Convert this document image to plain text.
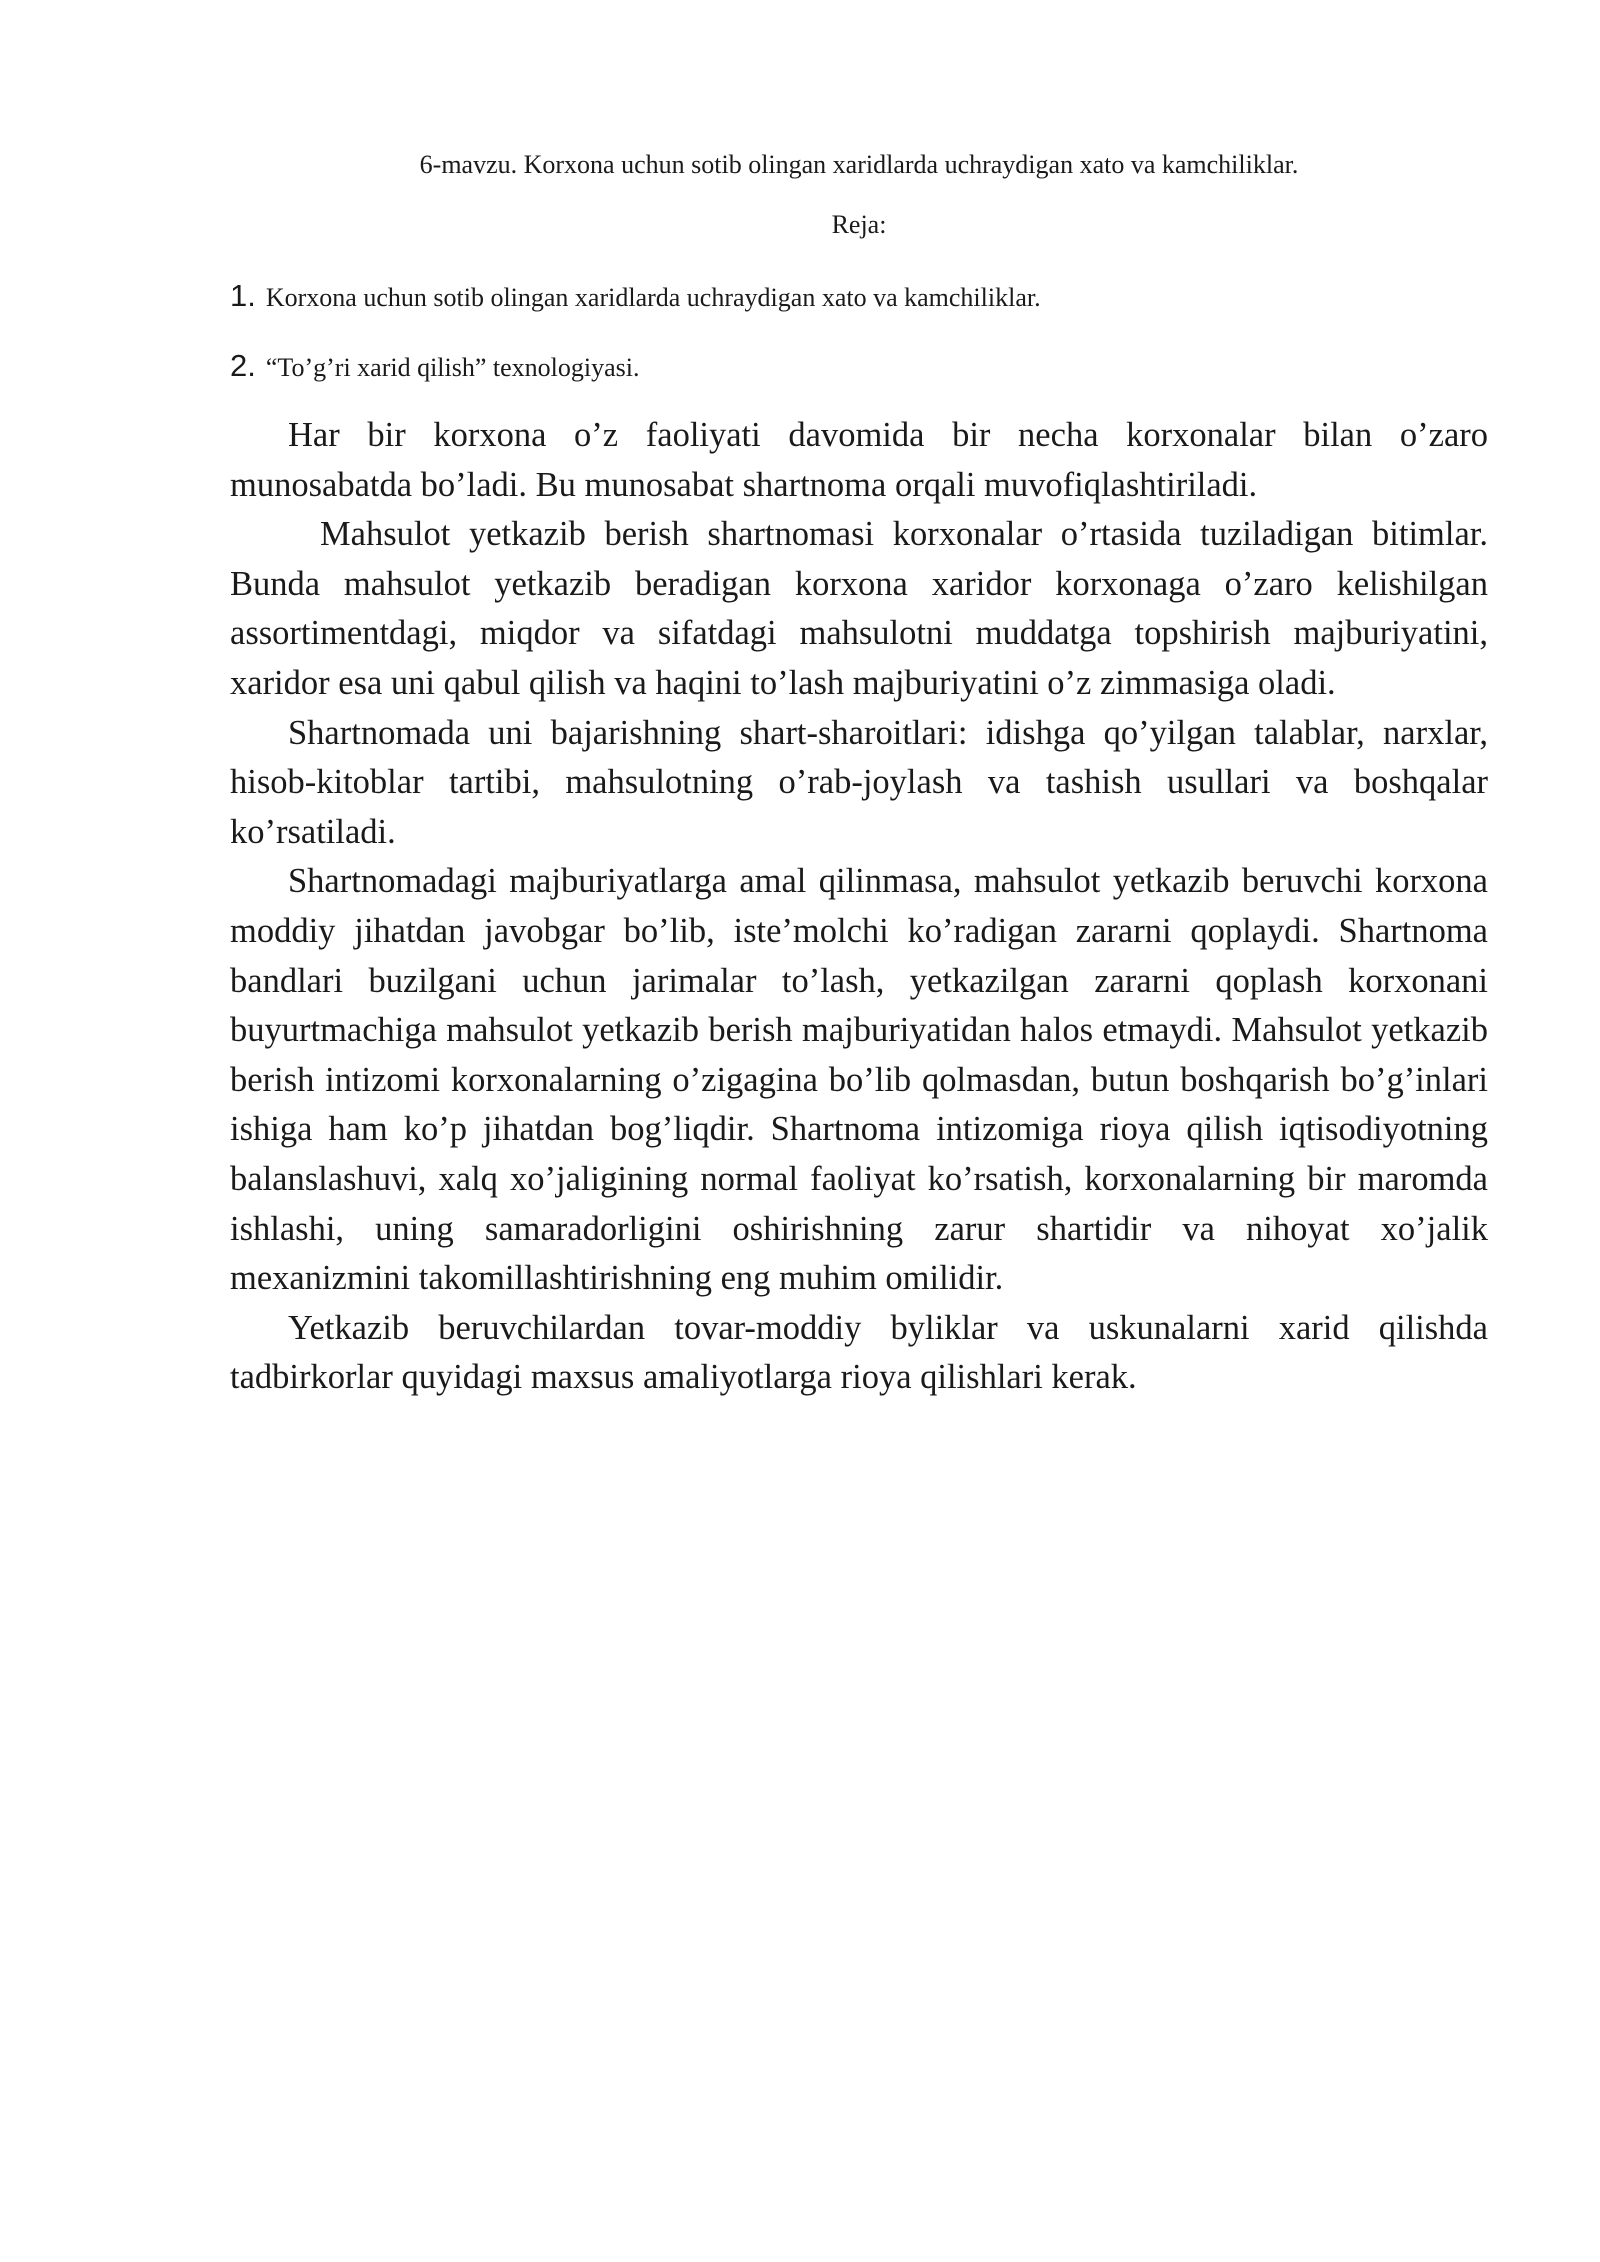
6-mavzu. Korxona uchun sotib olingan xaridlarda uchraydigan xato va kamchiliklar.
Reja:
1. Korxona uchun sotib olingan xaridlarda uchraydigan xato va kamchiliklar.
2. “To’g’ri xarid qilish” texnologiyasi.

Har bir korxona o’z faoliyati davomida bir necha korxonalar bilan o’zaro munosabatda bo’ladi. Bu munosabat shartnoma orqali muvofiqlashtiriladi.

Mahsulot yetkazib berish shartnomasi korxonalar o’rtasida tuziladigan bitimlar. Bunda mahsulot yetkazib beradigan korxona xaridor korxonaga o’zaro kelishilgan assortimentdagi, miqdor va sifatdagi mahsulotni muddatga topshirish majburiyatini, xaridor esa uni qabul qilish va haqini to’lash majburiyatini o’z zimmasiga oladi.

Shartnomada uni bajarishning shart-sharoitlari: idishga qo’yilgan talablar, narxlar, hisob-kitoblar tartibi, mahsulotning o’rab-joylash va tashish usullari va boshqalar ko’rsatiladi.

Shartnomadagi majburiyatlarga amal qilinmasa, mahsulot yetkazib beruvchi korxona moddiy jihatdan javobgar bo’lib, iste’molchi ko’radigan zararni qoplaydi. Shartnoma bandlari buzilgani uchun jarimalar to’lash, yetkazilgan zararni qoplash korxonani buyurtmachiga mahsulot yetkazib berish majburiyatidan halos etmaydi. Mahsulot yetkazib berish intizomi korxonalarning o’zigagina bo’lib qolmasdan, butun boshqarish bo’g’inlari ishiga ham ko’p jihatdan bog’liqdir. Shartnoma intizomiga rioya qilish iqtisodiyotning balanslashuvi, xalq xo’jaligining normal faoliyat ko’rsatish, korxonalarning bir maromda ishlashi, uning samaradorligini oshirishning zarur shartidir va nihoyat xo’jalik mexanizmini takomillashtirishning eng muhim omilidir.

Yetkazib beruvchilardan tovar-moddiy byliklar va uskunalarni xarid qilishda tadbirkorlar quyidagi maxsus amaliyotlarga rioya qilishlari kerak.
